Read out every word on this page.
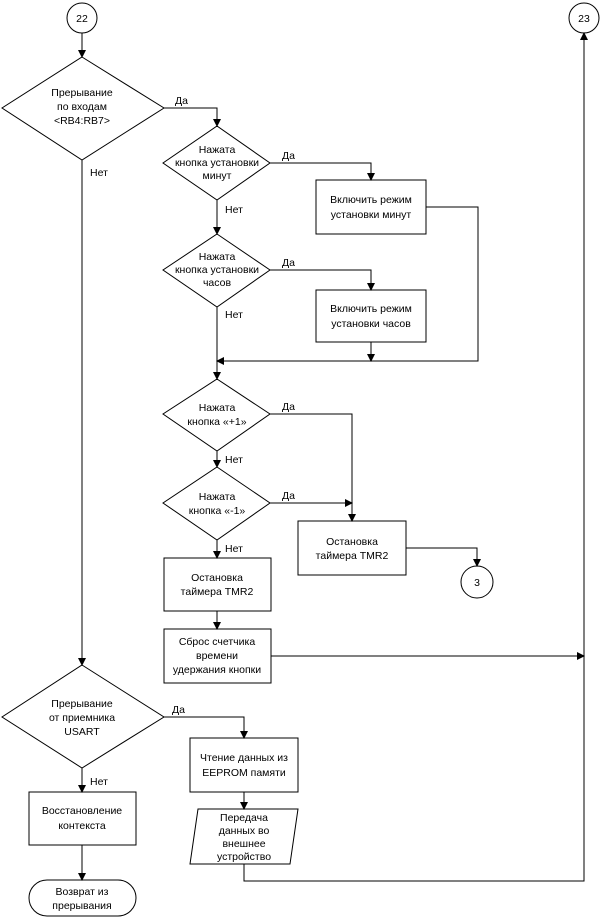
22	23
3
Прерывание
по входам
<RB4:RB7>
Нажата
кнопка установки
минут
Нажата
кнопка установки
часов
Нажата
кнопка «+1»
Нажата
кнопка «-1»
Прерывание
от приемника
USART
Включить режим
установки минут
Включить режим
установки часов
Остановка
таймера TMR2
Остановка
таймера TMR2
Сброс счетчика
времени
удержания кнопки
Чтение данных из
EEPROM памяти
Восстановление
контекста
Передача
данных во
внешнее
устройство
Возврат из
прерывания
Да
Нет
Да
Нет
Да
Нет
Да
Нет
Да
Нет
Да
Нет
